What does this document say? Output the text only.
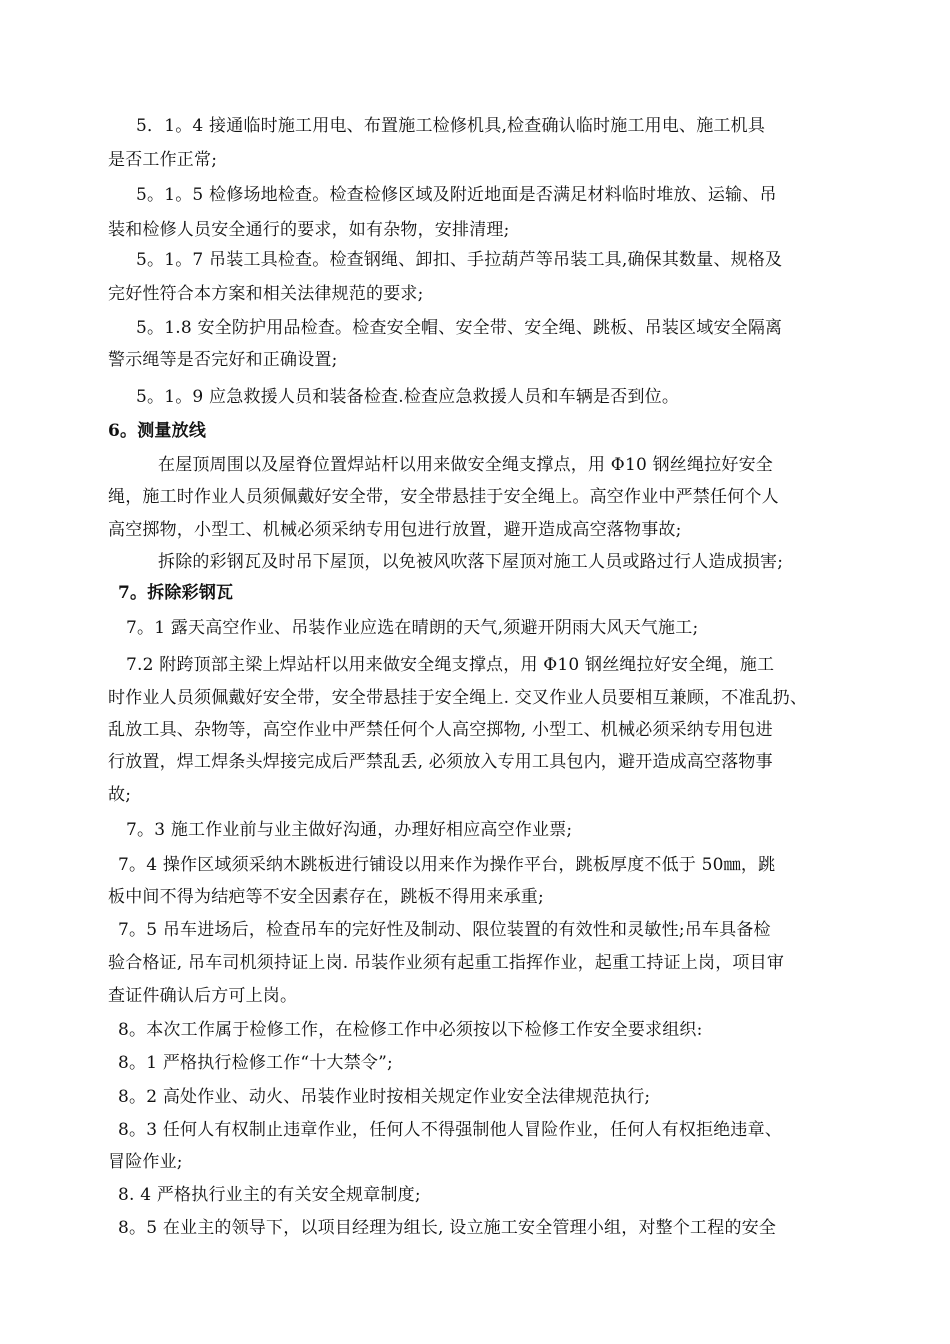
5．1。4 接通临时施工用电、布置施工检修机具,检查确认临时施工用电、施工机具
是否工作正常;
5。1。5 检修场地检查。检查检修区域及附近地面是否满足材料临时堆放、运输、吊
装和检修人员安全通行的要求，如有杂物，安排清理;
5。1。7 吊装工具检查。检查钢绳、卸扣、手拉葫芦等吊装工具,确保其数量、规格及
完好性符合本方案和相关法律规范的要求;
5。1.8 安全防护用品检查。检查安全帽、安全带、安全绳、跳板、吊装区域安全隔离
警示绳等是否完好和正确设置;
5。1。9 应急救援人员和装备检查.检查应急救援人员和车辆是否到位。
6。测量放线
在屋顶周围以及屋脊位置焊站杆以用来做安全绳支撑点，用 Φ10 钢丝绳拉好安全
绳，施工时作业人员须佩戴好安全带，安全带悬挂于安全绳上。高空作业中严禁任何个人
高空掷物，小型工、机械必须采纳专用包进行放置，避开造成高空落物事故;
拆除的彩钢瓦及时吊下屋顶，以免被风吹落下屋顶对施工人员或路过行人造成损害;
7。拆除彩钢瓦
7。1 露天高空作业、吊装作业应选在晴朗的天气,须避开阴雨大风天气施工;
7.2 附跨顶部主梁上焊站杆以用来做安全绳支撑点，用 Φ10 钢丝绳拉好安全绳，施工
时作业人员须佩戴好安全带，安全带悬挂于安全绳上. 交叉作业人员要相互兼顾，不准乱扔、
乱放工具、杂物等，高空作业中严禁任何个人高空掷物, 小型工、机械必须采纳专用包进
行放置，焊工焊条头焊接完成后严禁乱丢, 必须放入专用工具包内，避开造成高空落物事
故;
7。3 施工作业前与业主做好沟通，办理好相应高空作业票;
7。4 操作区域须采纳木跳板进行铺设以用来作为操作平台，跳板厚度不低于 50㎜，跳
板中间不得为结疤等不安全因素存在，跳板不得用来承重;
7。5 吊车进场后，检查吊车的完好性及制动、限位装置的有效性和灵敏性;吊车具备检
验合格证, 吊车司机须持证上岗. 吊装作业须有起重工指挥作业，起重工持证上岗，项目审
查证件确认后方可上岗。
8。本次工作属于检修工作，在检修工作中必须按以下检修工作安全要求组织:
8。1 严格执行检修工作“十大禁令”;
8。2 高处作业、动火、吊装作业时按相关规定作业安全法律规范执行;
8。3 任何人有权制止违章作业，任何人不得强制他人冒险作业，任何人有权拒绝违章、
冒险作业;
8. 4 严格执行业主的有关安全规章制度;
8。5 在业主的领导下，以项目经理为组长, 设立施工安全管理小组，对整个工程的安全
